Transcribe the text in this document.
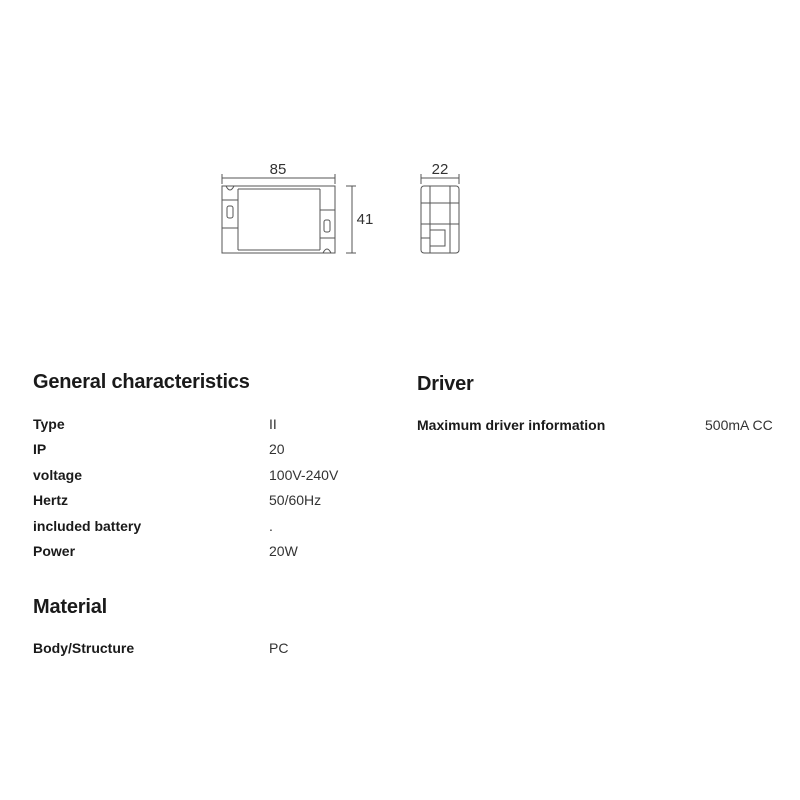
85
41
22
General characteristics
Type	II
IP	20
voltage	100V-240V
Hertz	50/60Hz
included battery	.
Power	20W
Material
Body/Structure	PC
Driver
Maximum driver information	500mA CC
